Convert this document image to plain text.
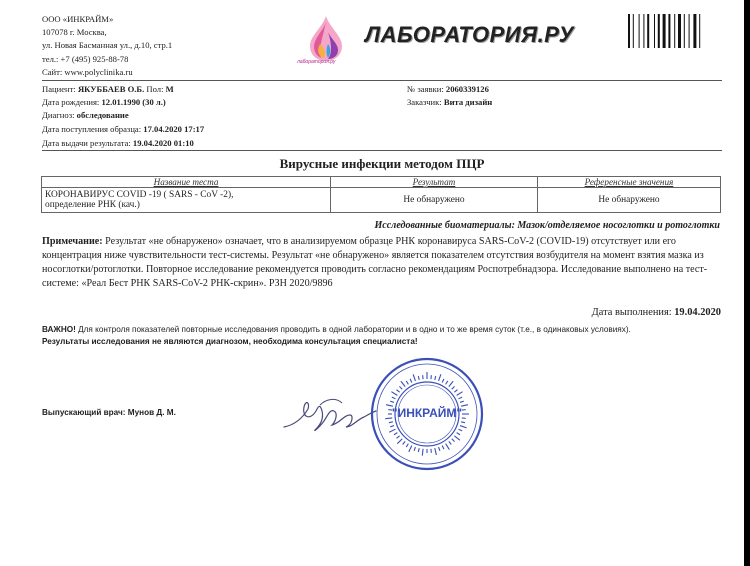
ООО «ИНКРАЙМ»
107078 г. Москва,
ул. Новая Басманная ул., д.10, стр.1
тел.: +7 (495) 925-88-78
Сайт: www.polyclinika.ru
лаборатория.ру
ЛАБОРАТОРИЯ.РУ
Пациент: ЯКУББАЕВ О.Б. Пол: М
Дата рождения: 12.01.1990 (30 л.)
Диагноз: обследование
Дата поступления образца: 17.04.2020 17:17
Дата выдачи результата: 19.04.2020 01:10
№ заявки: 2060339126
Заказчик: Вита дизайн
Вирусные инфекции методом ПЦР
Название теста	Результат	Референсные значения

КОРОНАВИРУС COVID -19 ( SARS - CoV -2),
определение РНК (кач.)	Не обнаружено	Не обнаружено
Исследованные биоматериалы: Мазок/отделяемое носоглотки и ротоглотки
Примечание: Результат «не обнаружено» означает, что в анализируемом образце РНК коронавируса SARS-CoV-2 (COVID-19) отсутствует или его концентрация ниже чувствительности тест-системы. Результат «не обнаружено» является показателем отсутствия возбудителя на момент взятия мазка из носоглотки/ротоглотки. Повторное исследование рекомендуется проводить согласно рекомендациям Роспотребнадзора. Исследование выполнено на тест-системе: «Реал Бест РНК SARS-CoV-2 РНК-скрин». РЗН 2020/9896
Дата выполнения: 19.04.2020
ВАЖНО! Для контроля показателей повторные исследования проводить в одной лаборатории и в одно и то же время суток (т.е., в одинаковых условиях).
Результаты исследования не являются диагнозом, необходима консультация специалиста!
Выпускающий врач: Мунов Д. М.	"ИНКРАЙМ"
